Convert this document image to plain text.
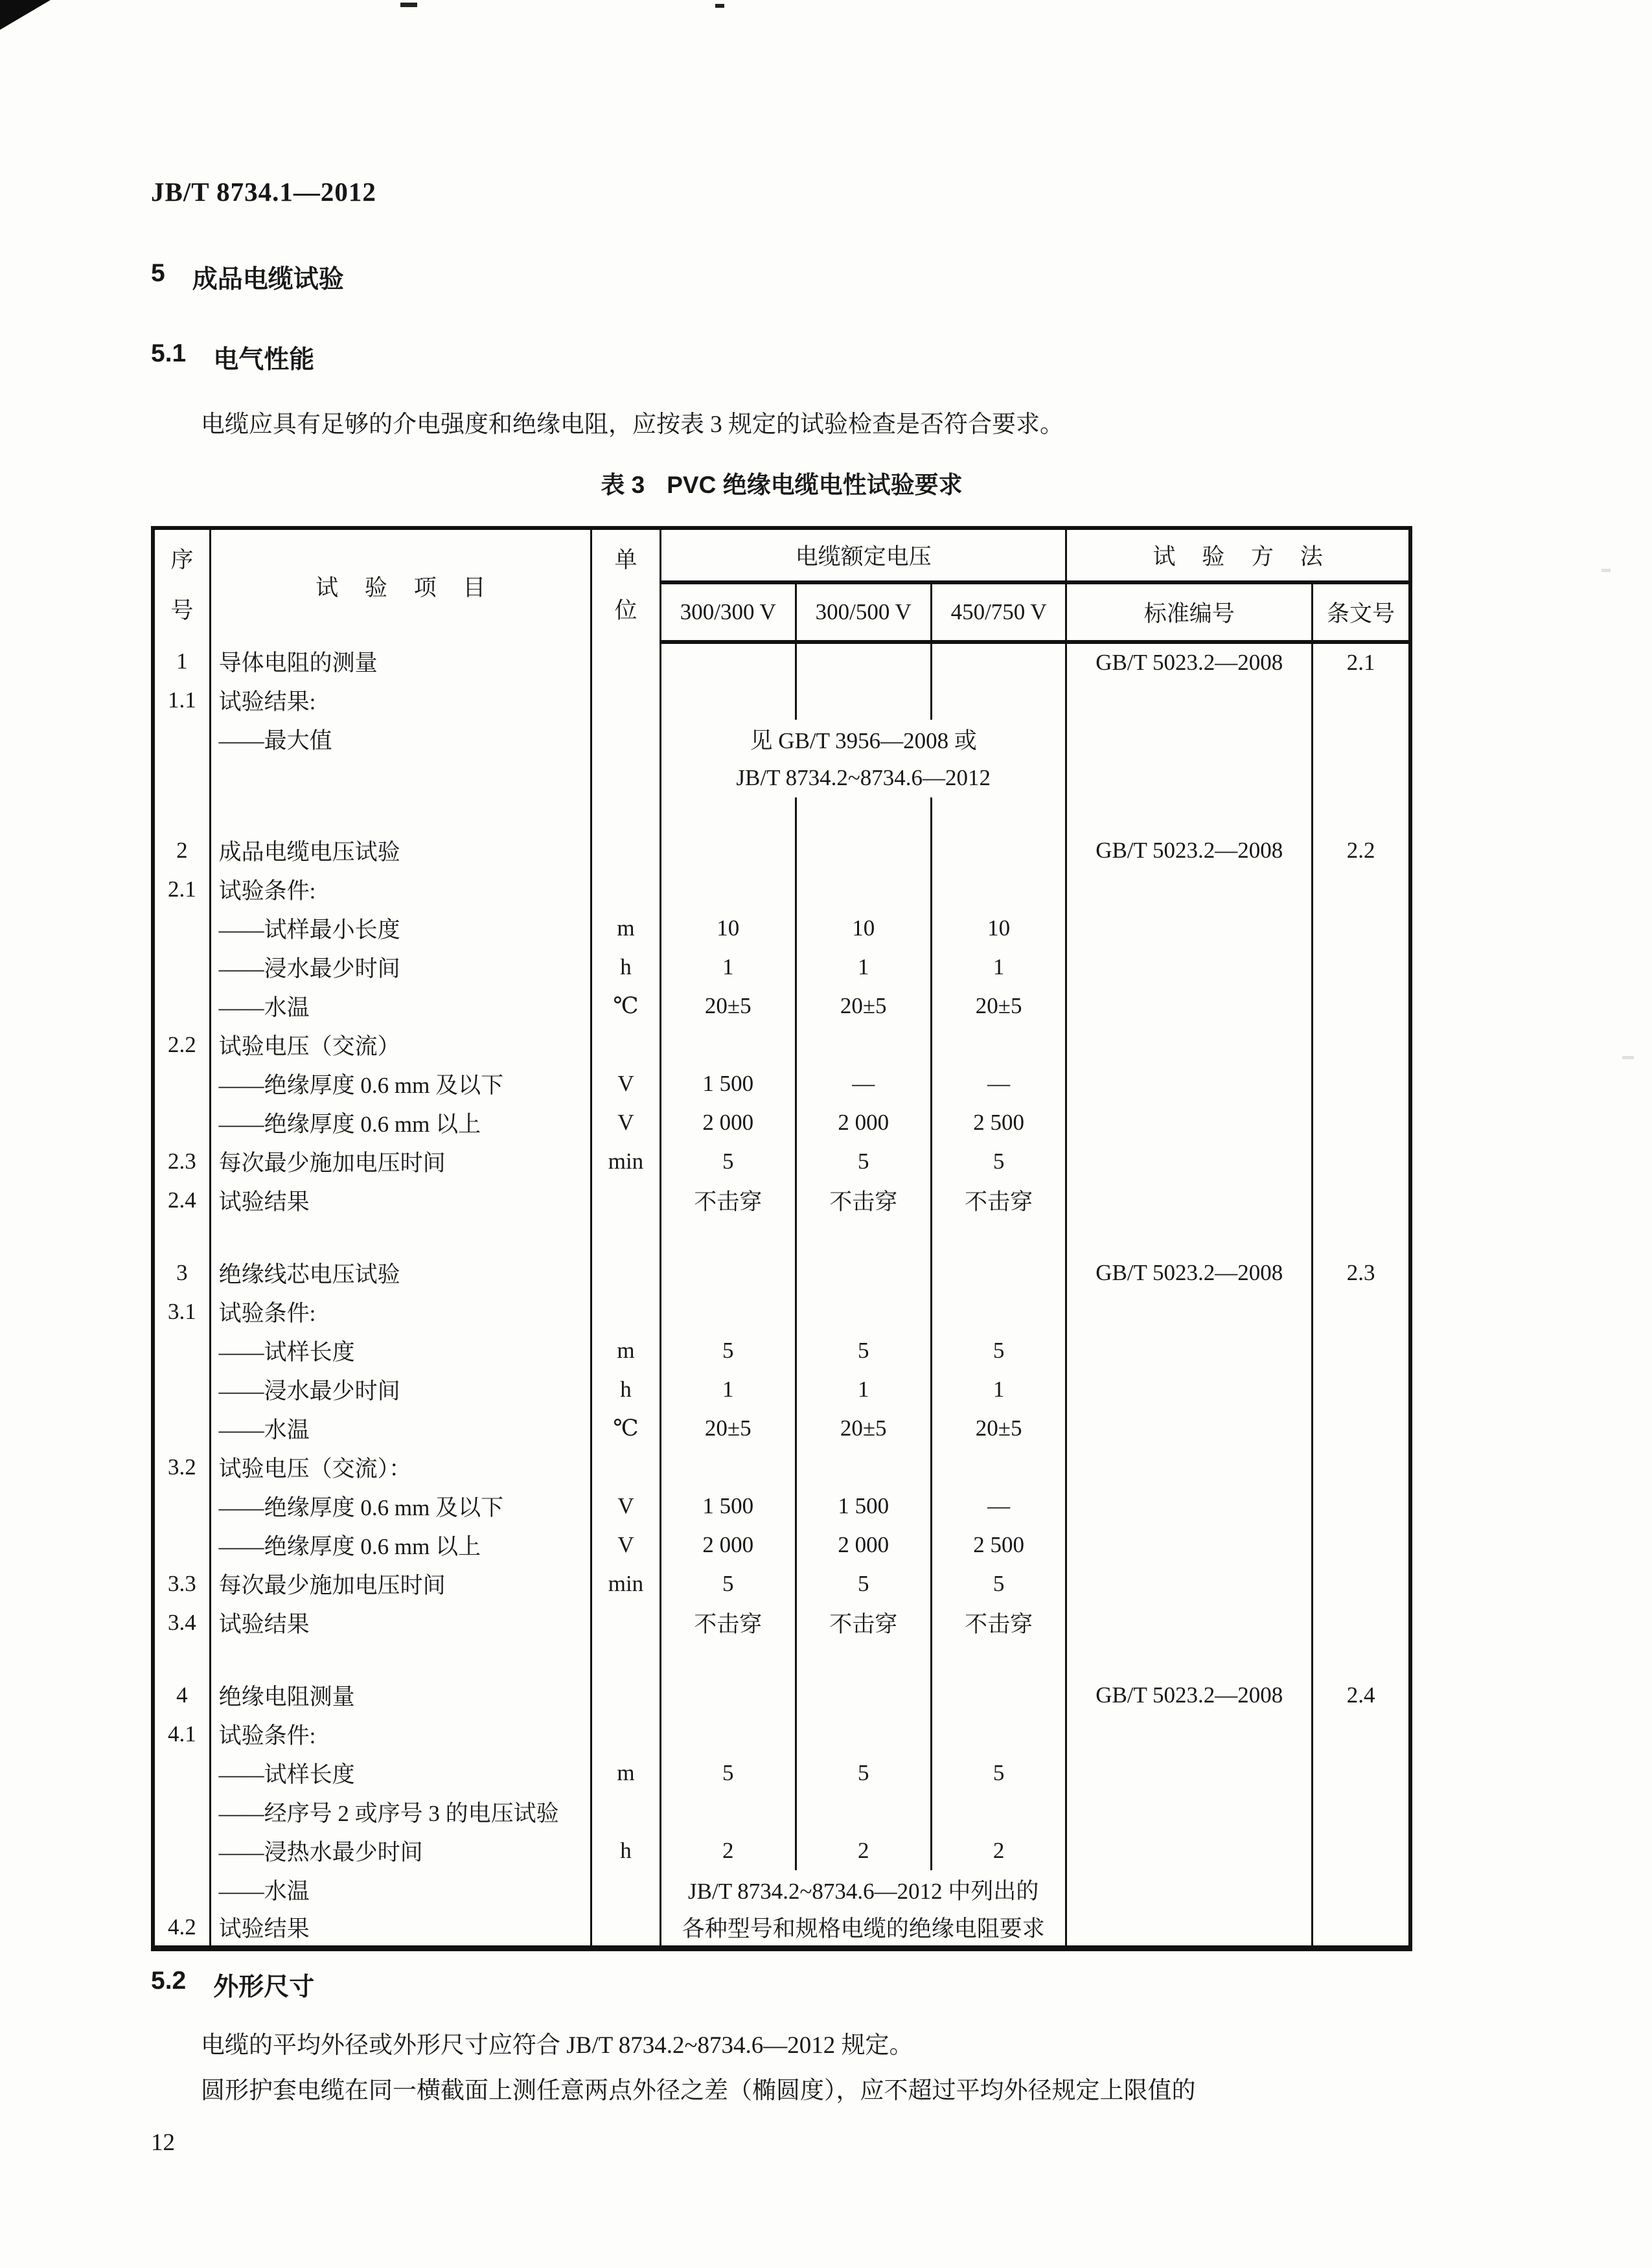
JB/T 8734.1—2012
5 成品电缆试验
5.1 电气性能
电缆应具有足够的介电强度和绝缘电阻，应按表 3 规定的试验检查是否符合要求。
表 3 PVC 绝缘电缆电性试验要求
序
号	试 验 项 目	单
位	电缆额定电压			试 验 方 法	
			300/300 V	300/500 V	450/750 V	标准编号	条文号
1	导体电阻的测量					GB/T 5023.2—2008	2.1
1.1	试验结果:						
	——最大值		见 GB/T 3956—2008 或				
			JB/T 8734.2~8734.6—2012				

2	成品电缆电压试验					GB/T 5023.2—2008	2.2
2.1	试验条件:						
	——试样最小长度	m	10	10	10		
	——浸水最少时间	h	1	1	1		
	——水温	℃	20±5	20±5	20±5		
2.2	试验电压（交流）						
	——绝缘厚度 0.6 mm 及以下	V	1 500	—	—		
	——绝缘厚度 0.6 mm 以上	V	2 000	2 000	2 500		
2.3	每次最少施加电压时间	min	5	5	5		
2.4	试验结果		不击穿	不击穿	不击穿		

3	绝缘线芯电压试验					GB/T 5023.2—2008	2.3
3.1	试验条件:						
	——试样长度	m	5	5	5		
	——浸水最少时间	h	1	1	1		
	——水温	℃	20±5	20±5	20±5		
3.2	试验电压（交流）：						
	——绝缘厚度 0.6 mm 及以下	V	1 500	1 500	—		
	——绝缘厚度 0.6 mm 以上	V	2 000	2 000	2 500		
3.3	每次最少施加电压时间	min	5	5	5		
3.4	试验结果		不击穿	不击穿	不击穿		

4	绝缘电阻测量					GB/T 5023.2—2008	2.4
4.1	试验条件:						
	——试样长度	m	5	5	5		
	——经序号 2 或序号 3 的电压试验						
	——浸热水最少时间	h	2	2	2		
	——水温		JB/T 8734.2~8734.6—2012 中列出的				
4.2	试验结果		各种型号和规格电缆的绝缘电阻要求				
5.2 外形尺寸
电缆的平均外径或外形尺寸应符合 JB/T 8734.2~8734.6—2012 规定。
圆形护套电缆在同一横截面上测任意两点外径之差（椭圆度），应不超过平均外径规定上限值的
12
